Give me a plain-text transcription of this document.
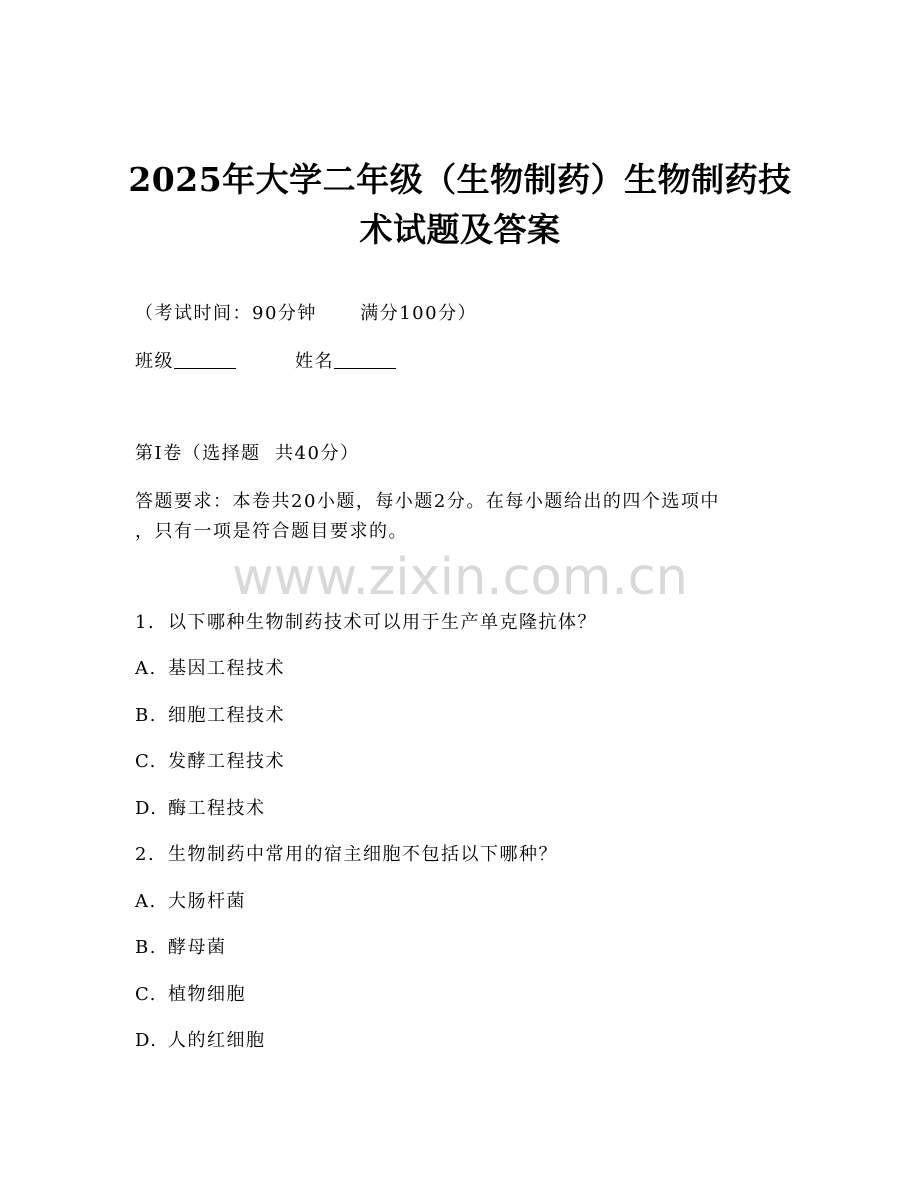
2025年大学二年级（生物制药）生物制药技
术试题及答案
（考试时间：90分钟      满分100分）
班级	姓名
第Ⅰ卷（选择题  共40分）
答题要求：本卷共20小题，每小题2分。在每小题给出的四个选项中
，只有一项是符合题目要求的。
www.zixin.com.cn
1. 以下哪种生物制药技术可以用于生产单克隆抗体？
A. 基因工程技术
B. 细胞工程技术
C. 发酵工程技术
D. 酶工程技术
2. 生物制药中常用的宿主细胞不包括以下哪种？
A. 大肠杆菌
B. 酵母菌
C. 植物细胞
D. 人的红细胞
